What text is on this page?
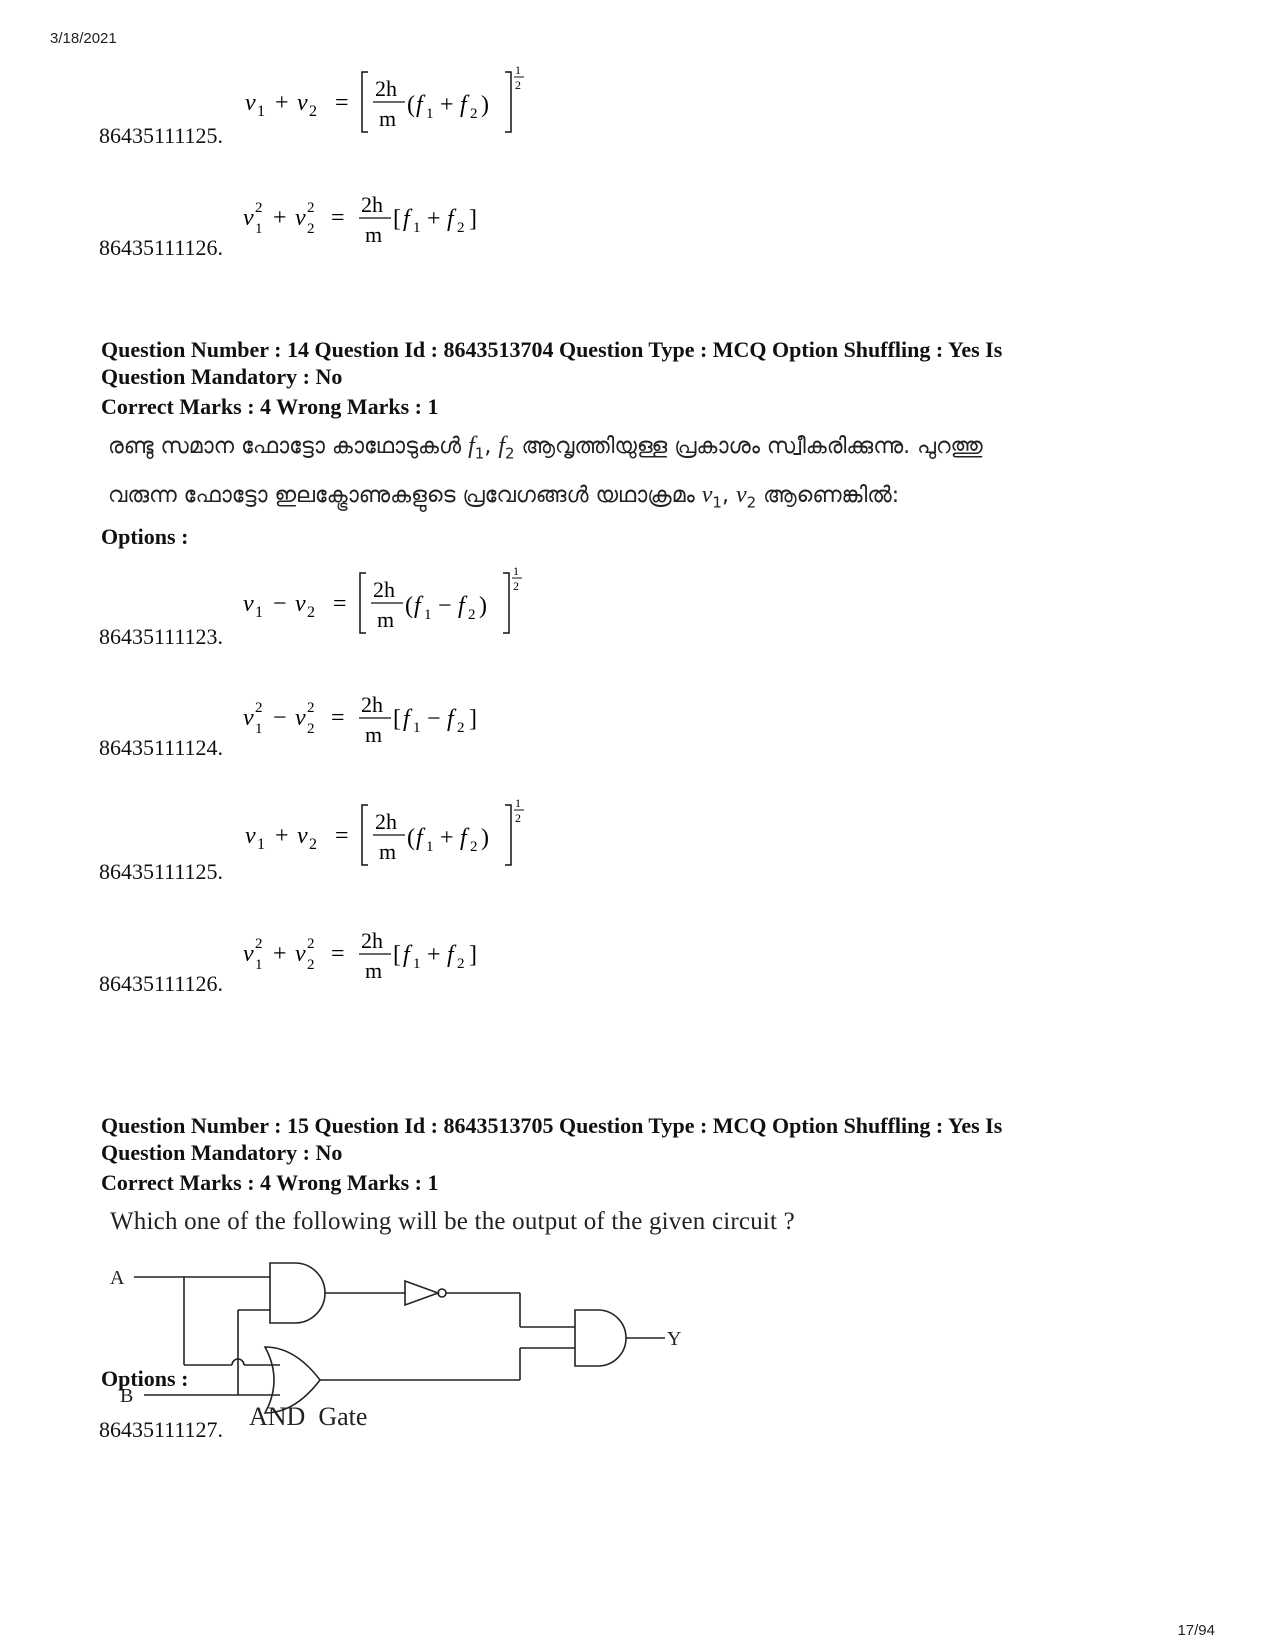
3/18/2021
17/94
86435111125.
v 1 + v 2 =
2h
m
( f 1 + f 2 )
1
2
86435111126.
v 2
1 + v 2
2 =
2h
m
[ f 1 + f 2 ]
Question Number : 14 Question Id : 8643513704 Question Type : MCQ Option Shuffling : Yes Is
Question Mandatory : No
Correct Marks : 4 Wrong Marks : 1
രണ്ടു സമാന ഫോട്ടോ കാഥോടുകൾ $f_1$, $f_2$ ആവൃത്തിയുള്ള പ്രകാശം സ്വീകരിക്കുന്നു. പുറത്തു
വരുന്ന ഫോട്ടോ ഇലക്ട്രോണുകളുടെ പ്രവേഗങ്ങൾ യഥാക്രമം $v_1$, $v_2$ ആണെങ്കിൽ:
Options :
86435111123.
v 1 − v 2 =
2h
m
( f 1 − f 2 )
1
2
86435111124.
v 2
1 − v 2
2 =
2h
m
[ f 1 − f 2 ]
86435111125.
v 1 + v 2 =
2h
m
( f 1 + f 2 )
1
2
86435111126.
v 2
1 + v 2
2 =
2h
m
[ f 1 + f 2 ]
Question Number : 15 Question Id : 8643513705 Question Type : MCQ Option Shuffling : Yes Is
Question Mandatory : No
Correct Marks : 4 Wrong Marks : 1
Which one of the following will be the output of the given circuit ?
A
B
Y
Options :
86435111127. AND  Gate
